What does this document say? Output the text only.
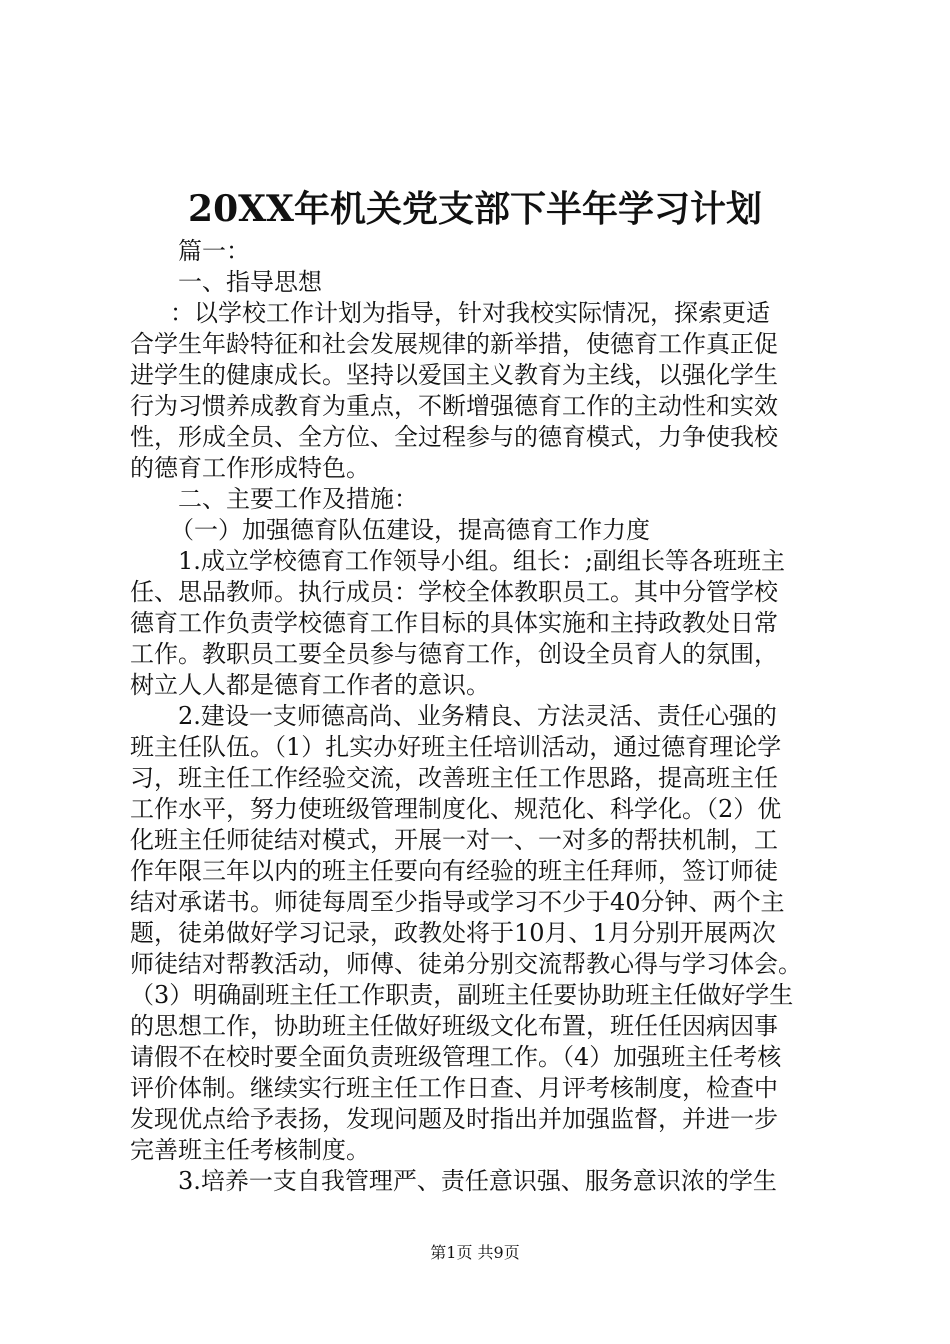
20XX年机关党支部下半年学习计划
篇一：
一、指导思想
：以学校工作计划为指导，针对我校实际情况，探索更适
合学生年龄特征和社会发展规律的新举措，使德育工作真正促
进学生的健康成长。坚持以爱国主义教育为主线，以强化学生
行为习惯养成教育为重点，不断增强德育工作的主动性和实效
性，形成全员、全方位、全过程参与的德育模式，力争使我校
的德育工作形成特色。
二、主要工作及措施：
（一）加强德育队伍建设，提高德育工作力度
1.成立学校德育工作领导小组。组长：;副组长等各班班主
任、思品教师。执行成员：学校全体教职员工。其中分管学校
德育工作负责学校德育工作目标的具体实施和主持政教处日常
工作。教职员工要全员参与德育工作，创设全员育人的氛围，
树立人人都是德育工作者的意识。
2.建设一支师德高尚、业务精良、方法灵活、责任心强的
班主任队伍。（1）扎实办好班主任培训活动，通过德育理论学
习，班主任工作经验交流，改善班主任工作思路，提高班主任
工作水平，努力使班级管理制度化、规范化、科学化。（2）优
化班主任师徒结对模式，开展一对一、一对多的帮扶机制，工
作年限三年以内的班主任要向有经验的班主任拜师，签订师徒
结对承诺书。师徒每周至少指导或学习不少于40分钟、两个主
题，徒弟做好学习记录，政教处将于10月、1月分别开展两次
师徒结对帮教活动，师傅、徒弟分别交流帮教心得与学习体会。
（3）明确副班主任工作职责，副班主任要协助班主任做好学生
的思想工作，协助班主任做好班级文化布置，班任任因病因事
请假不在校时要全面负责班级管理工作。（4）加强班主任考核
评价体制。继续实行班主任工作日查、月评考核制度，检查中
发现优点给予表扬，发现问题及时指出并加强监督，并进一步
完善班主任考核制度。
3.培养一支自我管理严、责任意识强、服务意识浓的学生
第1页 共9页
